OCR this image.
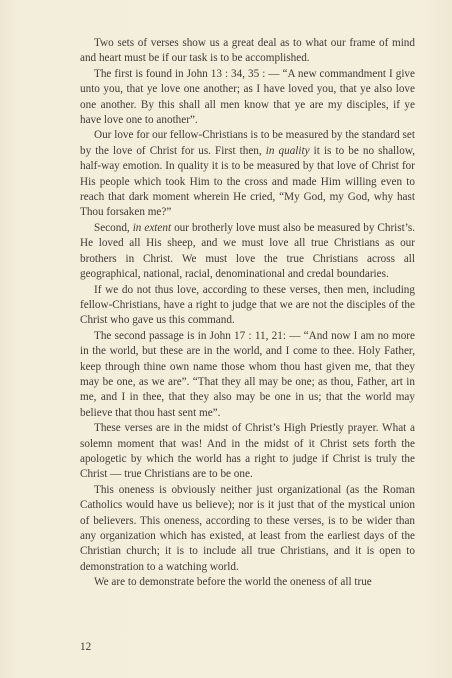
Two sets of verses show us a great deal as to what our frame of mind and heart must be if our task is to be accomplished.

The first is found in John 13 : 34, 35 : — “A new commandment I give unto you, that ye love one another; as I have loved you, that ye also love one another. By this shall all men know that ye are my disciples, if ye have love one to another”.

Our love for our fellow-Christians is to be measured by the standard set by the love of Christ for us. First then, in quality it is to be no shallow, half-way emotion. In quality it is to be measured by that love of Christ for His people which took Him to the cross and made Him willing even to reach that dark moment wherein He cried, “My God, my God, why hast Thou forsaken me?”

Second, in extent our brotherly love must also be measured by Christ’s. He loved all His sheep, and we must love all true Christians as our brothers in Christ. We must love the true Christians across all geographical, national, racial, denominational and credal boundaries.

If we do not thus love, according to these verses, then men, including fellow-Christians, have a right to judge that we are not the disciples of the Christ who gave us this command.

The second passage is in John 17 : 11, 21: — “And now I am no more in the world, but these are in the world, and I come to thee. Holy Father, keep through thine own name those whom thou hast given me, that they may be one, as we are”. “That they all may be one; as thou, Father, art in me, and I in thee, that they also may be one in us; that the world may believe that thou hast sent me”.

These verses are in the midst of Christ’s High Priestly prayer. What a solemn moment that was! And in the midst of it Christ sets forth the apologetic by which the world has a right to judge if Christ is truly the Christ — true Christians are to be one.

This oneness is obviously neither just organizational (as the Roman Catholics would have us believe); nor is it just that of the mystical union of believers. This oneness, according to these verses, is to be wider than any organization which has existed, at least from the earliest days of the Christian church; it is to include all true Christians, and it is open to demonstration to a watching world.

We are to demonstrate before the world the oneness of all true

12
